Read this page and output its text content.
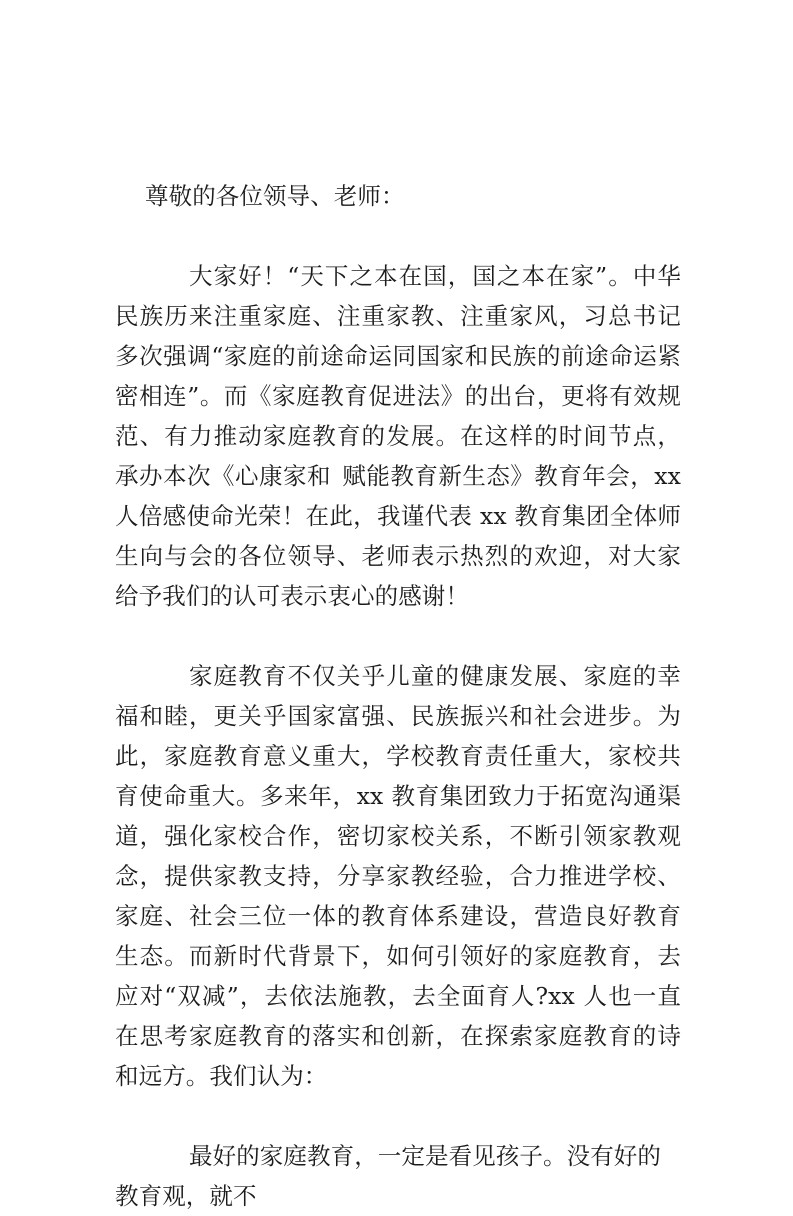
尊敬的各位领导、老师：

大家好！“天下之本在国，国之本在家”。中华民族历来注重家庭、注重家教、注重家风，习总书记多次强调“家庭的前途命运同国家和民族的前途命运紧密相连”。而《家庭教育促进法》的出台，更将有效规范、有力推动家庭教育的发展。在这样的时间节点，承办本次《心康家和 赋能教育新生态》教育年会，xx 人倍感使命光荣！在此，我谨代表 xx 教育集团全体师生向与会的各位领导、老师表示热烈的欢迎，对大家给予我们的认可表示衷心的感谢！

家庭教育不仅关乎儿童的健康发展、家庭的幸福和睦，更关乎国家富强、民族振兴和社会进步。为此，家庭教育意义重大，学校教育责任重大，家校共育使命重大。多来年，xx 教育集团致力于拓宽沟通渠道，强化家校合作，密切家校关系，不断引领家教观念，提供家教支持，分享家教经验，合力推进学校、家庭、社会三位一体的教育体系建设，营造良好教育生态。而新时代背景下，如何引领好的家庭教育，去应对“双减”，去依法施教，去全面育人?xx 人也一直在思考家庭教育的落实和创新，在探索家庭教育的诗和远方。我们认为：

最好的家庭教育，一定是看见孩子。没有好的教育观，就不
